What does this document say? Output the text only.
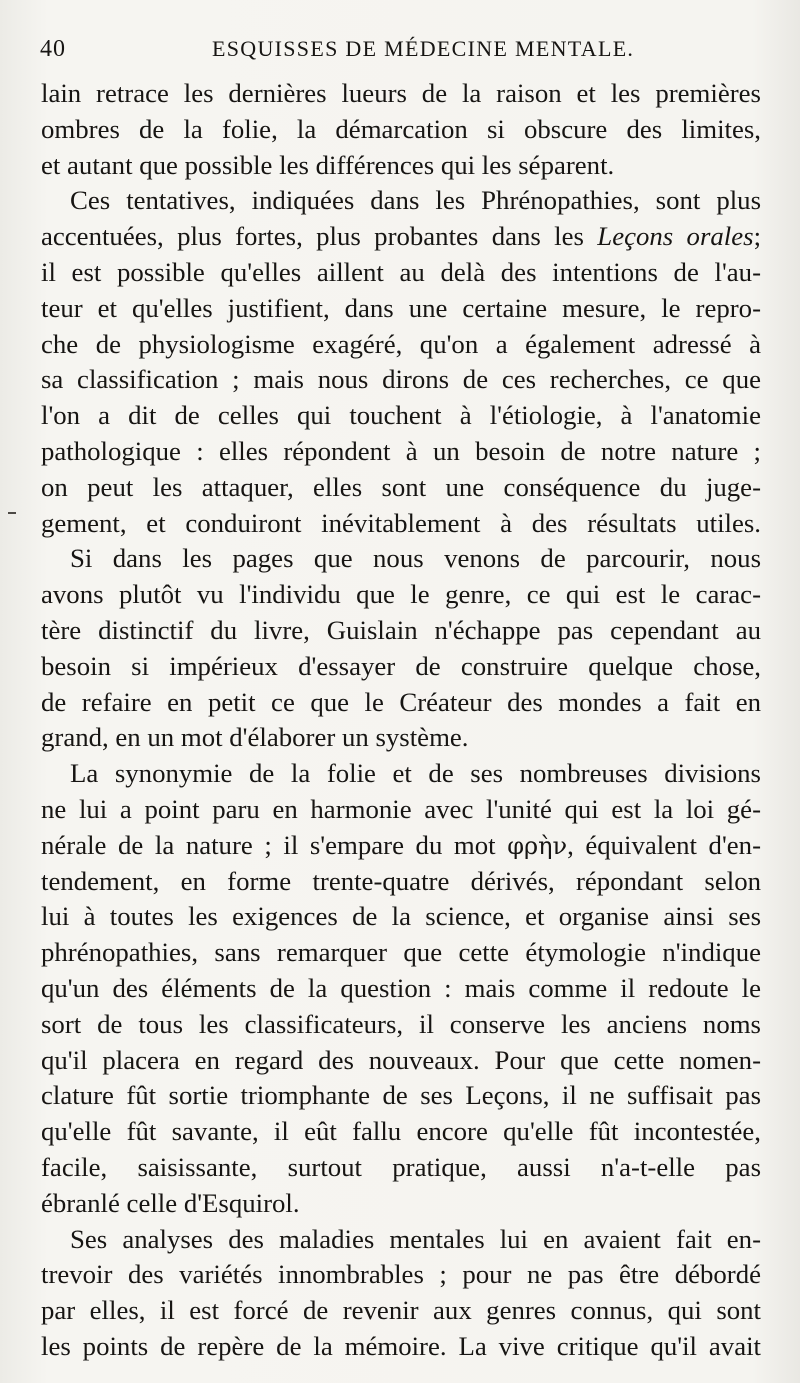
40	ESQUISSES DE MÉDECINE MENTALE.
lain retrace les dernières lueurs de la raison et les premières
ombres de la folie, la démarcation si obscure des limites,
et autant que possible les différences qui les séparent.
Ces tentatives, indiquées dans les Phrénopathies, sont plus
accentuées, plus fortes, plus probantes dans les Leçons orales;
il est possible qu'elles aillent au delà des intentions de l'au-
teur et qu'elles justifient, dans une certaine mesure, le repro-
che de physiologisme exagéré, qu'on a également adressé à
sa classification ; mais nous dirons de ces recherches, ce que
l'on a dit de celles qui touchent à l'étiologie, à l'anatomie
pathologique : elles répondent à un besoin de notre nature ;
on peut les attaquer, elles sont une conséquence du juge-
gement, et conduiront inévitablement à des résultats utiles.
Si dans les pages que nous venons de parcourir, nous
avons plutôt vu l'individu que le genre, ce qui est le carac-
tère distinctif du livre, Guislain n'échappe pas cependant au
besoin si impérieux d'essayer de construire quelque chose,
de refaire en petit ce que le Créateur des mondes a fait en
grand, en un mot d'élaborer un système.
La synonymie de la folie et de ses nombreuses divisions
ne lui a point paru en harmonie avec l'unité qui est la loi gé-
nérale de la nature ; il s'empare du mot φρὴν, équivalent d'en-
tendement, en forme trente-quatre dérivés, répondant selon
lui à toutes les exigences de la science, et organise ainsi ses
phrénopathies, sans remarquer que cette étymologie n'indique
qu'un des éléments de la question : mais comme il redoute le
sort de tous les classificateurs, il conserve les anciens noms
qu'il placera en regard des nouveaux. Pour que cette nomen-
clature fût sortie triomphante de ses Leçons, il ne suffisait pas
qu'elle fût savante, il eût fallu encore qu'elle fût incontestée,
facile, saisissante, surtout pratique, aussi n'a-t-elle pas
ébranlé celle d'Esquirol.
Ses analyses des maladies mentales lui en avaient fait en-
trevoir des variétés innombrables ; pour ne pas être débordé
par elles, il est forcé de revenir aux genres connus, qui sont
les points de repère de la mémoire. La vive critique qu'il avait
